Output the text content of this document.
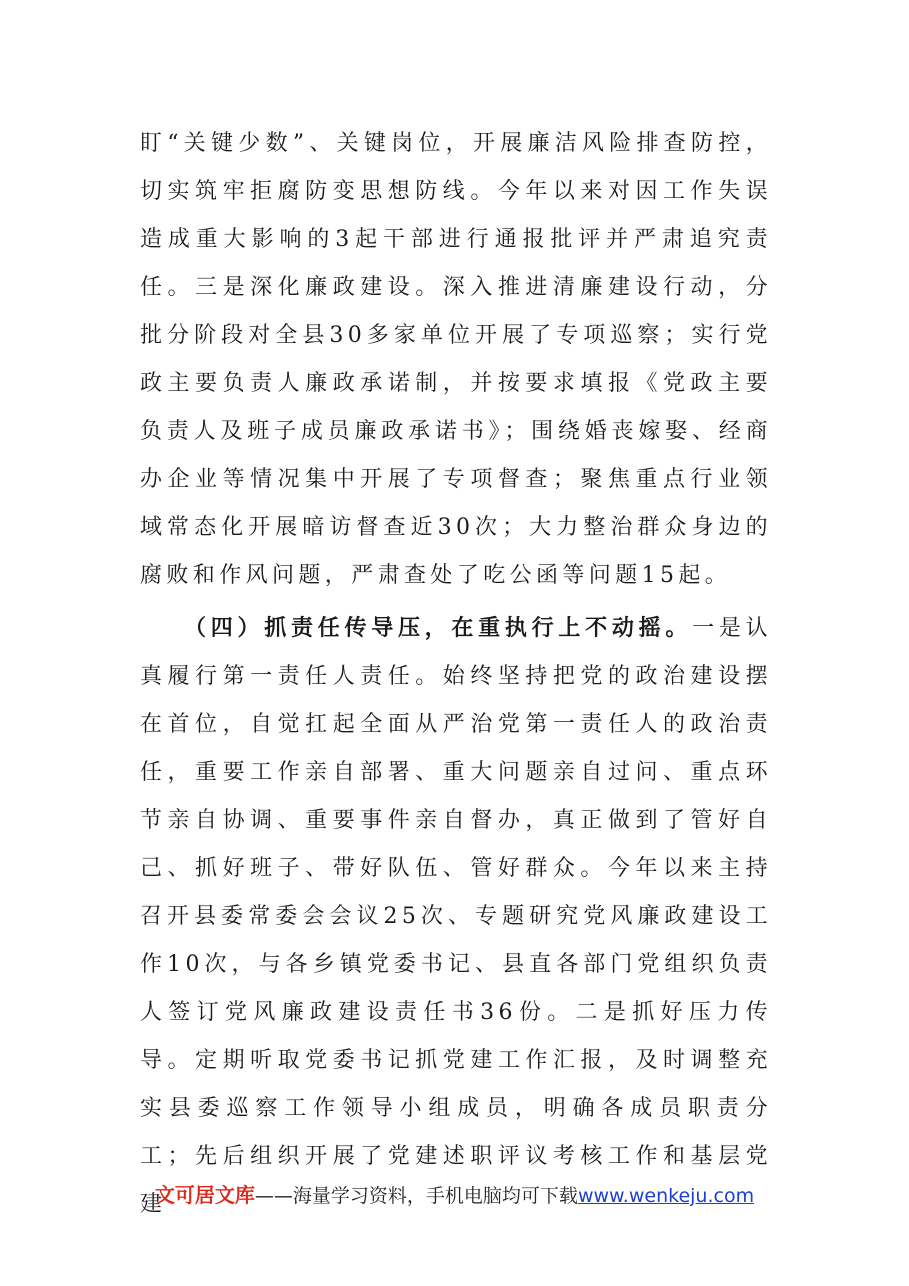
盯“关键少数”、关键岗位，开展廉洁风险排查防控，切实筑牢拒腐防变思想防线。今年以来对因工作失误造成重大影响的3起干部进行通报批评并严肃追究责任。三是深化廉政建设。深入推进清廉建设行动，分批分阶段对全县30多家单位开展了专项巡察；实行党政主要负责人廉政承诺制，并按要求填报《党政主要负责人及班子成员廉政承诺书》；围绕婚丧嫁娶、经商办企业等情况集中开展了专项督查；聚焦重点行业领域常态化开展暗访督查近30次；大力整治群众身边的腐败和作风问题，严肃查处了吃公函等问题15起。

（四）抓责任传导压，在重执行上不动摇。一是认真履行第一责任人责任。始终坚持把党的政治建设摆在首位，自觉扛起全面从严治党第一责任人的政治责任，重要工作亲自部署、重大问题亲自过问、重点环节亲自协调、重要事件亲自督办，真正做到了管好自己、抓好班子、带好队伍、管好群众。今年以来主持召开县委常委会会议25次、专题研究党风廉政建设工作10次，与各乡镇党委书记、县直各部门党组织负责人签订党风廉政建设责任书36份。二是抓好压力传导。定期听取党委书记抓党建工作汇报，及时调整充实县委巡察工作领导小组成员，明确各成员职责分工；先后组织开展了党建述职评议考核工作和基层党建

文可居文库——海量学习资料，手机电脑均可下载www.wenkeju.com
